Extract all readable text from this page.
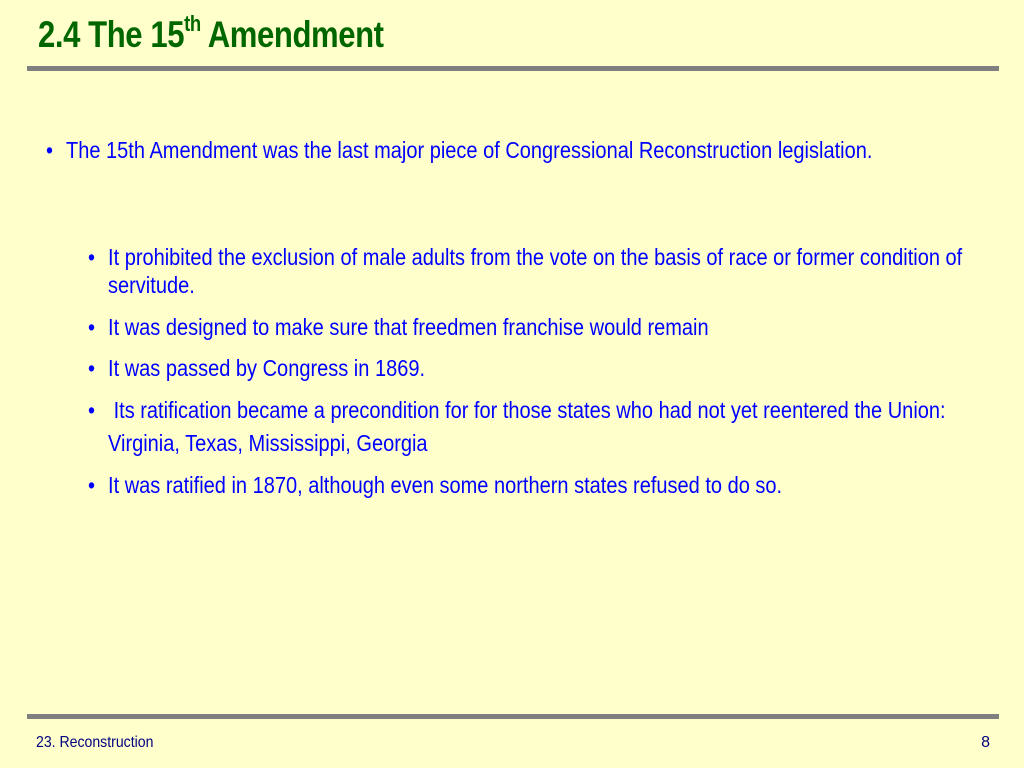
2.4 The 15th Amendment
• The 15th Amendment was the last major piece of Congressional Reconstruction legislation.
• It prohibited the exclusion of male adults from the vote on the basis of race or former condition of servitude.
• It was designed to make sure that freedmen franchise would remain
• It was passed by Congress in 1869.
• Its ratification became a precondition for for those states who had not yet reentered the Union: Virginia, Texas, Mississippi, Georgia
• It was ratified in 1870, although even some northern states refused to do so.
23. Reconstruction	8
